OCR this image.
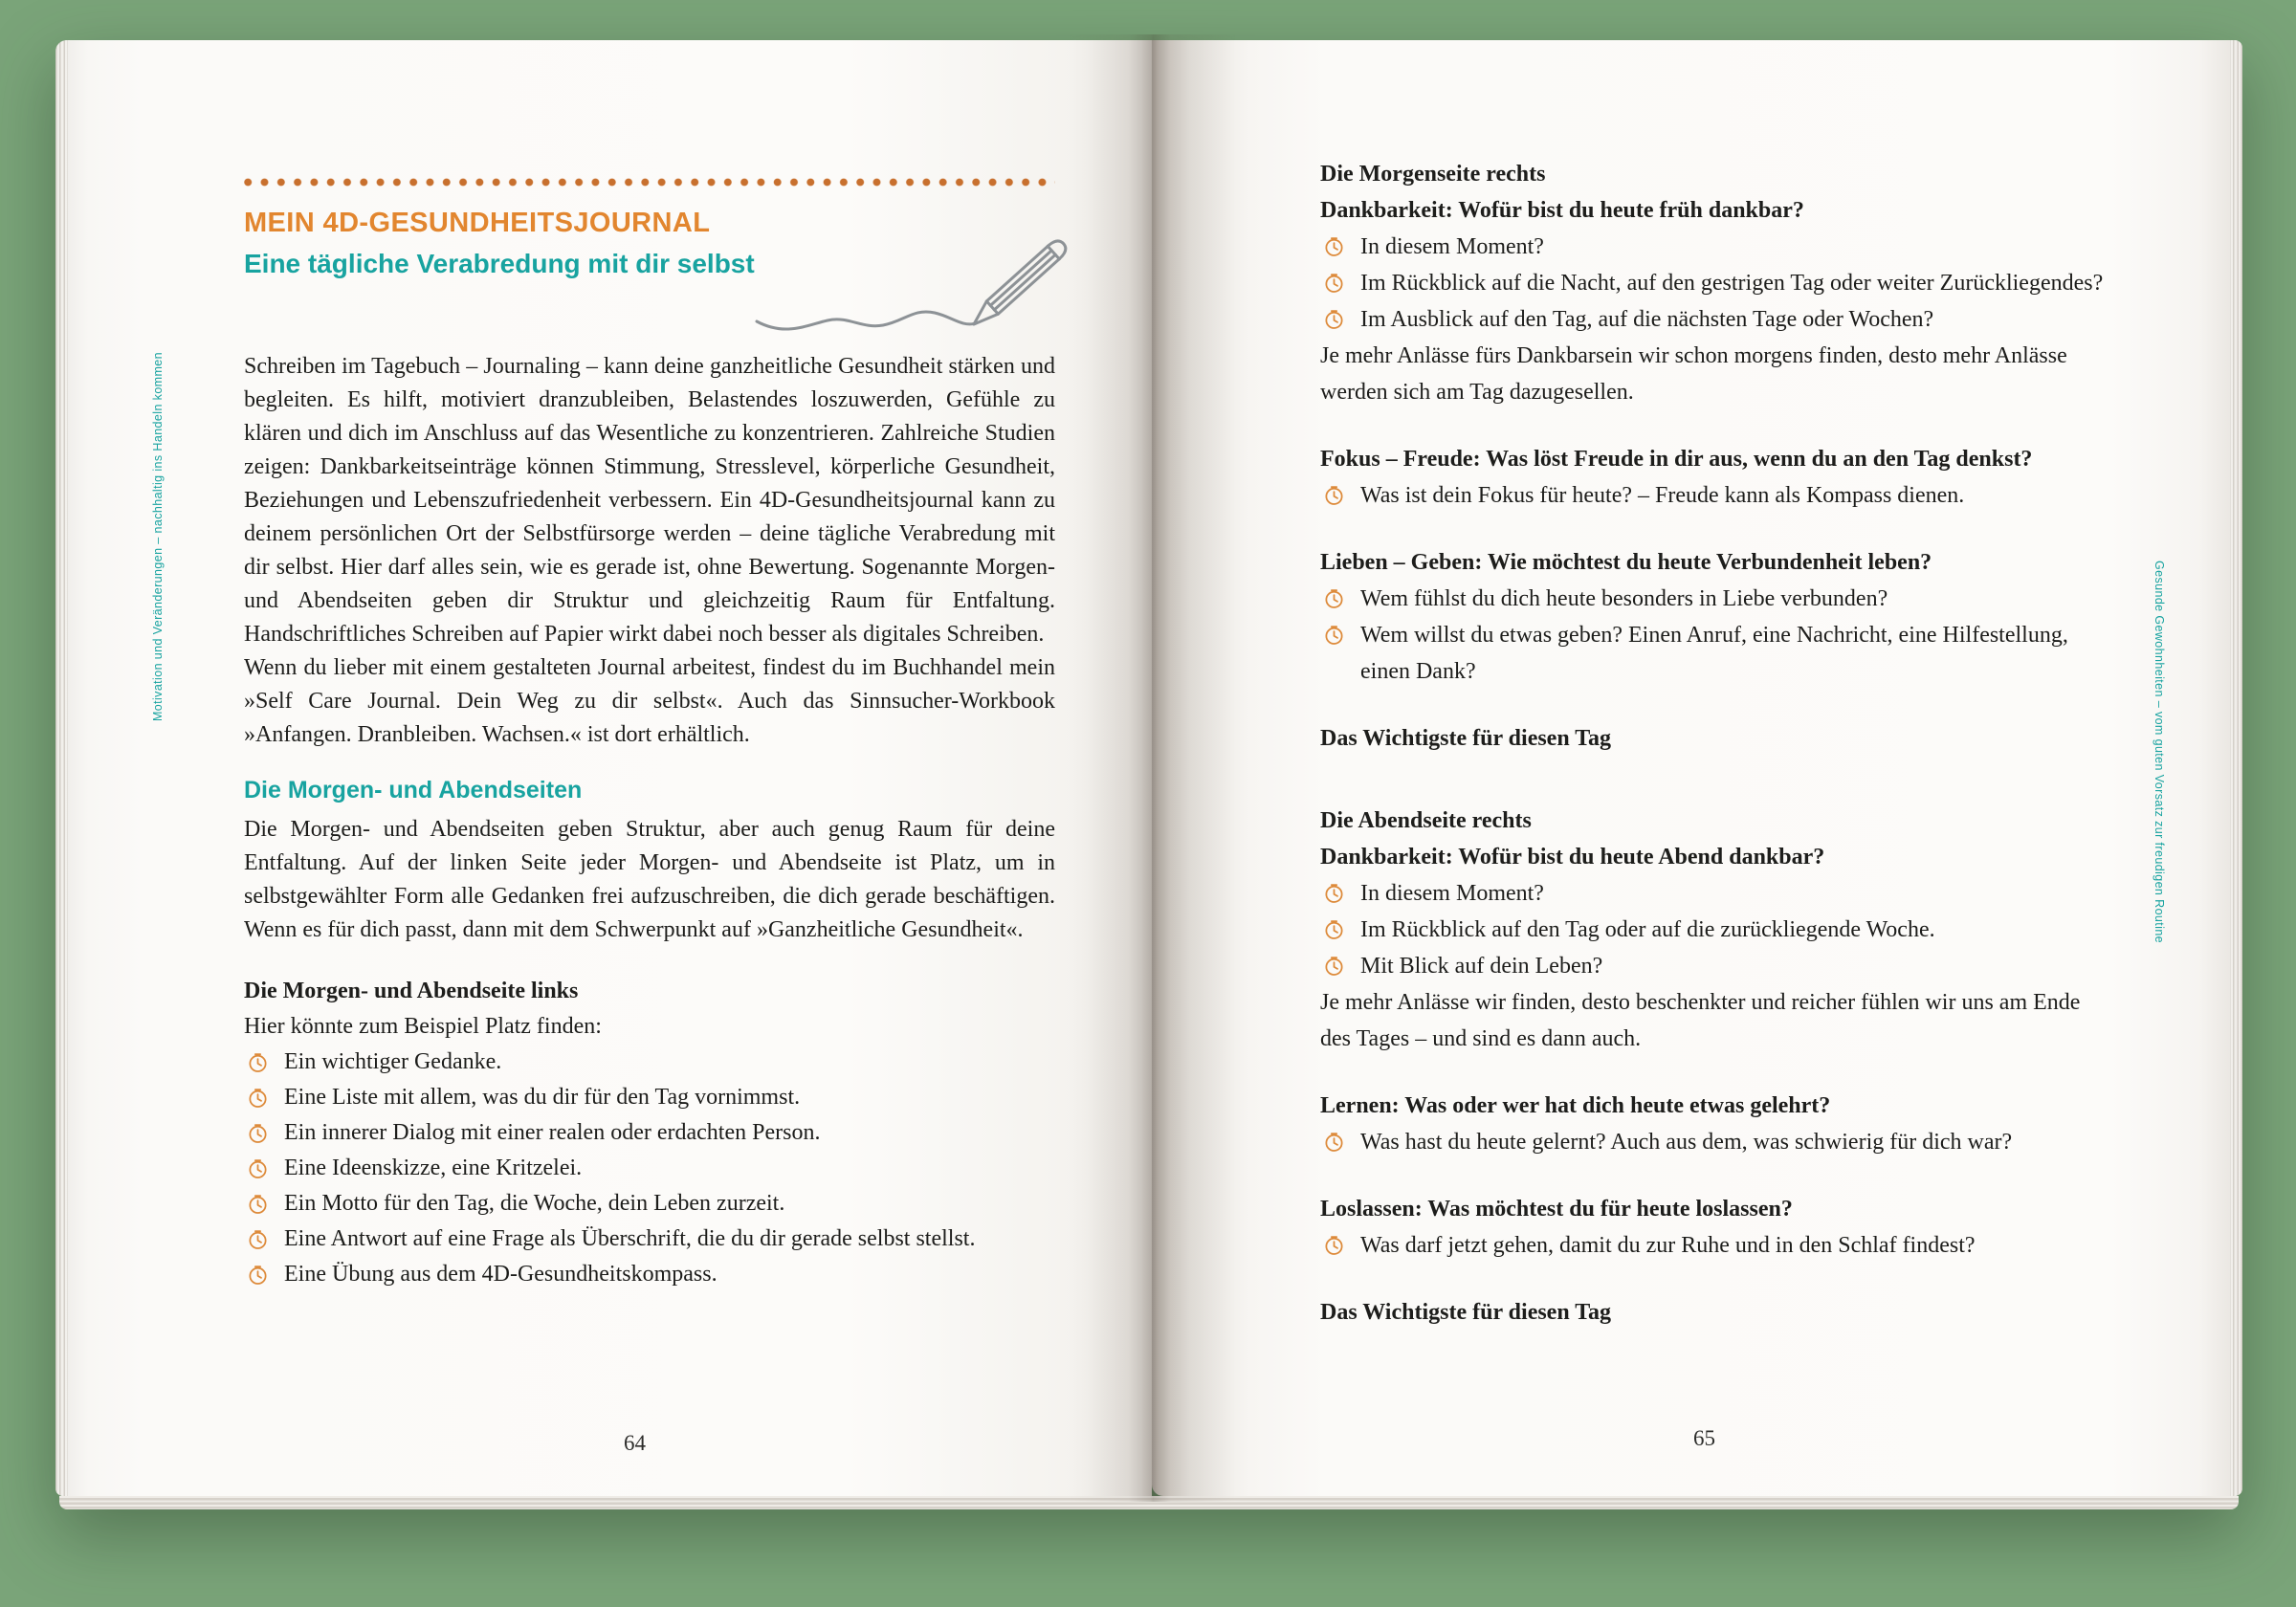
MEIN 4D-GESUNDHEITSJOURNAL
Eine tägliche Verabredung mit dir selbst

Schreiben im Tagebuch – Journaling – kann deine ganzheitliche Gesundheit stärken und begleiten. Es hilft, motiviert dranzubleiben, Belastendes loszuwerden, Gefühle zu klären und dich im Anschluss auf das Wesentliche zu konzentrieren. Zahlreiche Studien zeigen: Dankbarkeitseinträge können Stimmung, Stresslevel, körperliche Gesundheit, Beziehungen und Lebenszufriedenheit verbessern. Ein 4D-Gesundheitsjournal kann zu deinem persönlichen Ort der Selbstfürsorge werden – deine tägliche Verabredung mit dir selbst. Hier darf alles sein, wie es gerade ist, ohne Bewertung. Sogenannte Morgen- und Abendseiten geben dir Struktur und gleichzeitig Raum für Entfaltung. Handschriftliches Schreiben auf Papier wirkt dabei noch besser als digitales Schreiben.

Wenn du lieber mit einem gestalteten Journal arbeitest, findest du im Buchhandel mein »Self Care Journal. Dein Weg zu dir selbst«. Auch das Sinnsucher-Workbook »Anfangen. Dranbleiben. Wachsen.« ist dort erhältlich.

Die Morgen- und Abendseiten

Die Morgen- und Abendseiten geben Struktur, aber auch genug Raum für deine Entfaltung. Auf der linken Seite jeder Morgen- und Abendseite ist Platz, um in selbstgewählter Form alle Gedanken frei aufzuschreiben, die dich gerade beschäftigen. Wenn es für dich passt, dann mit dem Schwerpunkt auf »Ganzheitliche Gesundheit«.

Die Morgen- und Abendseite links

Hier könnte zum Beispiel Platz finden:

Ein wichtiger Gedanke.
Eine Liste mit allem, was du dir für den Tag vornimmst.
Ein innerer Dialog mit einer realen oder erdachten Person.
Eine Ideenskizze, eine Kritzelei.
Ein Motto für den Tag, die Woche, dein Leben zurzeit.
Eine Antwort auf eine Frage als Überschrift, die du dir gerade selbst stellst.
Eine Übung aus dem 4D-Gesundheitskompass.

Die Morgenseite rechts

Dankbarkeit: Wofür bist du heute früh dankbar?

In diesem Moment?
Im Rückblick auf die Nacht, auf den gestrigen Tag oder weiter Zurückliegendes?
Im Ausblick auf den Tag, auf die nächsten Tage oder Wochen?

Je mehr Anlässe fürs Dankbarsein wir schon morgens finden, desto mehr Anlässe werden sich am Tag dazugesellen.

Fokus – Freude: Was löst Freude in dir aus, wenn du an den Tag denkst?

Was ist dein Fokus für heute? – Freude kann als Kompass dienen.

Lieben – Geben: Wie möchtest du heute Verbundenheit leben?

Wem fühlst du dich heute besonders in Liebe verbunden?
Wem willst du etwas geben? Einen Anruf, eine Nachricht, eine Hilfestellung, einen Dank?

Das Wichtigste für diesen Tag

Die Abendseite rechts

Dankbarkeit: Wofür bist du heute Abend dankbar?

In diesem Moment?
Im Rückblick auf den Tag oder auf die zurückliegende Woche.
Mit Blick auf dein Leben?

Je mehr Anlässe wir finden, desto beschenkter und reicher fühlen wir uns am Ende des Tages – und sind es dann auch.

Lernen: Was oder wer hat dich heute etwas gelehrt?

Was hast du heute gelernt? Auch aus dem, was schwierig für dich war?

Loslassen: Was möchtest du für heute loslassen?

Was darf jetzt gehen, damit du zur Ruhe und in den Schlaf findest?

Das Wichtigste für diesen Tag

Motivation und Veränderungen – nachhaltig ins Handeln kommen
Gesunde Gewohnheiten – vom guten Vorsatz zur freudigen Routine
64	65
